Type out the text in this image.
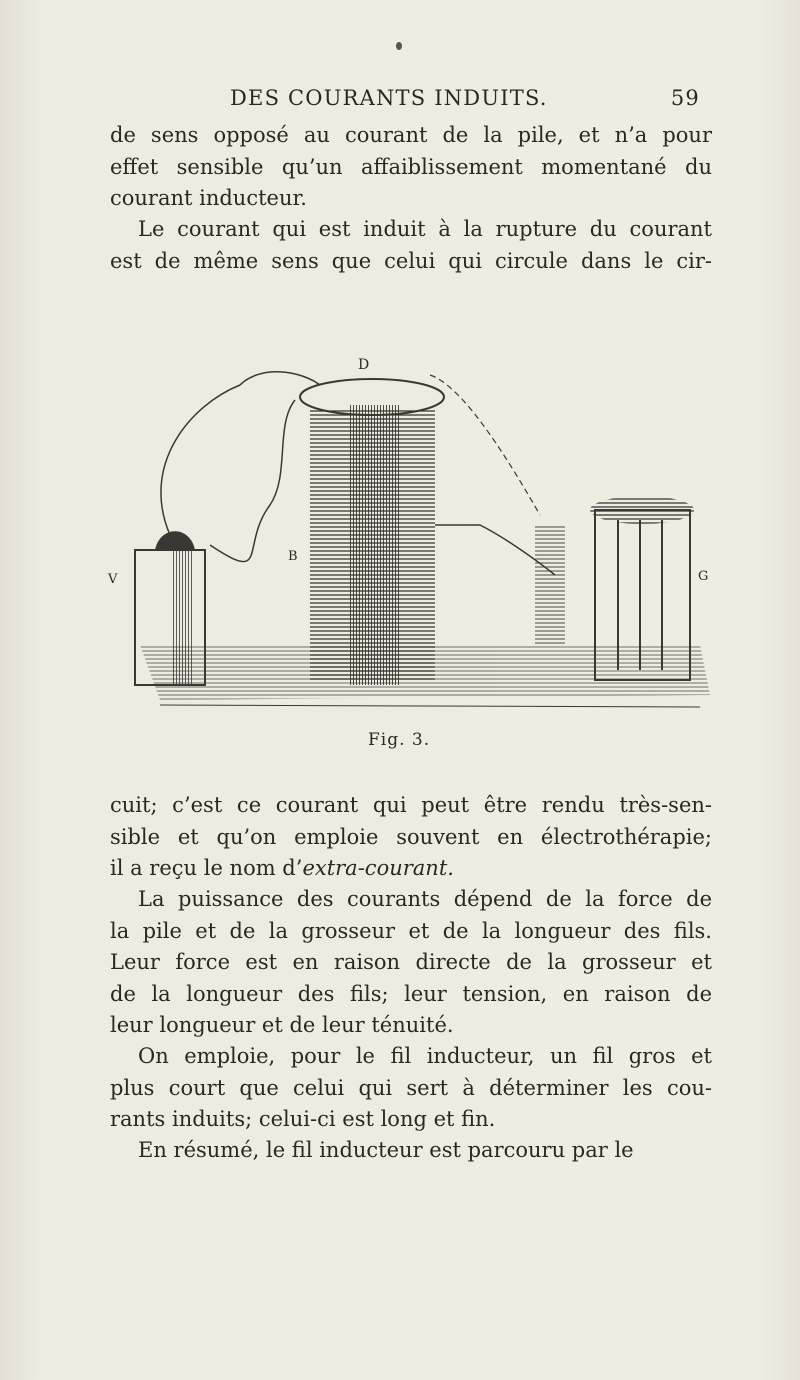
DES COURANTS INDUITS.	59
de sens opposé au courant de la pile, et n’a pour
effet sensible qu’un affaiblissement momentané du
courant inducteur.
Le courant qui est induit à la rupture du courant
est de même sens que celui qui circule dans le cir-
D
B
V	G
Fig. 3.
cuit; c’est ce courant qui peut être rendu très-sen-
sible et qu’on emploie souvent en électrothérapie;
il a reçu le nom d’extra-courant.
La puissance des courants dépend de la force de
la pile et de la grosseur et de la longueur des fils.
Leur force est en raison directe de la grosseur et
de la longueur des fils; leur tension, en raison de
leur longueur et de leur ténuité.
On emploie, pour le fil inducteur, un fil gros et
plus court que celui qui sert à déterminer les cou-
rants induits; celui-ci est long et fin.
En résumé, le fil inducteur est parcouru par le
